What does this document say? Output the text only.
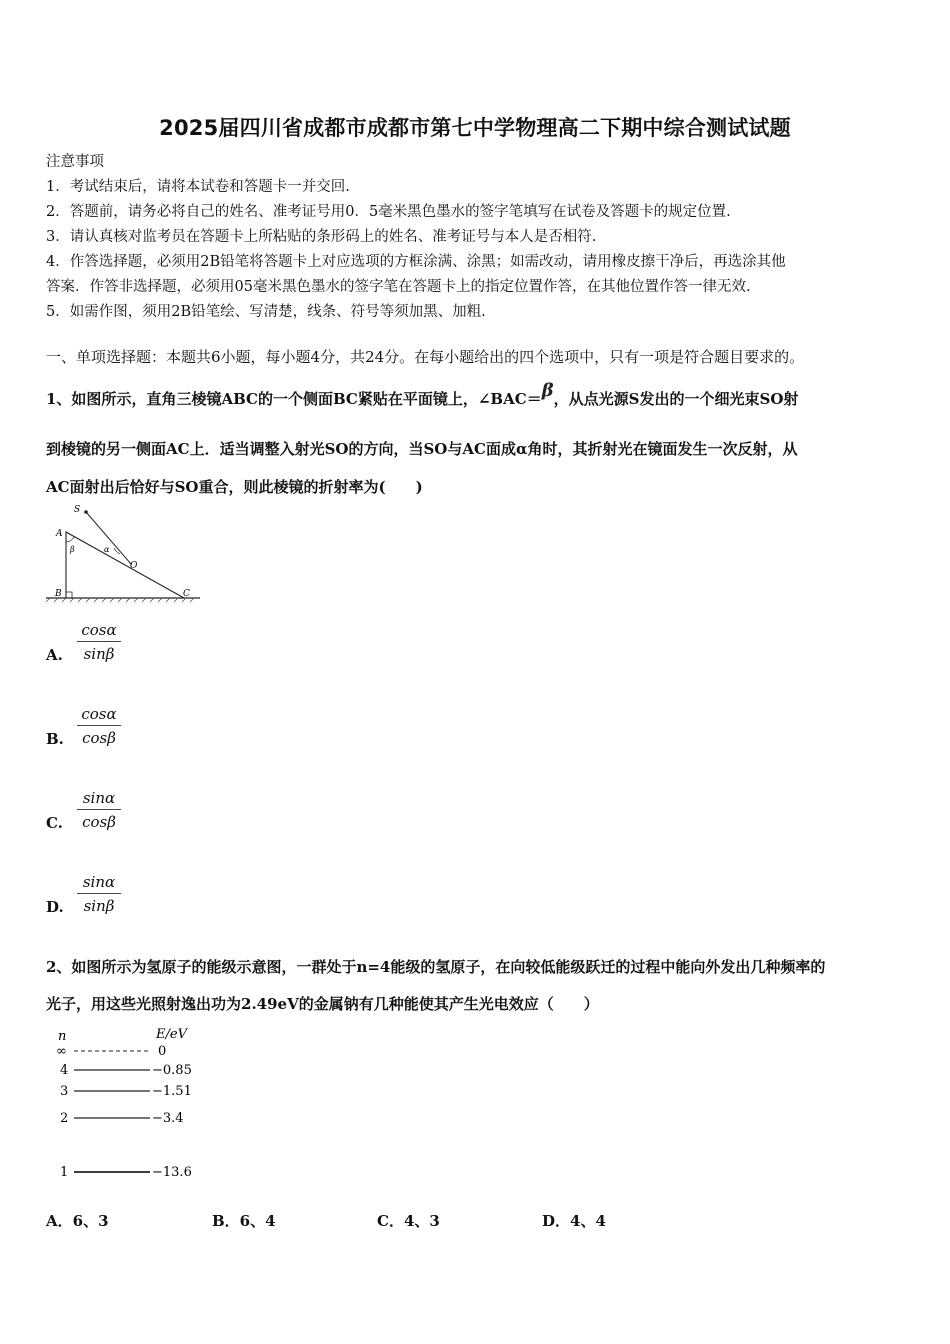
2025届四川省成都市成都市第七中学物理高二下期中综合测试试题
注意事项
1．考试结束后，请将本试卷和答题卡一并交回.
2．答题前，请务必将自己的姓名、准考证号用0．5毫米黑色墨水的签字笔填写在试卷及答题卡的规定位置.
3．请认真核对监考员在答题卡上所粘贴的条形码上的姓名、准考证号与本人是否相符.
4．作答选择题，必须用2B铅笔将答题卡上对应选项的方框涂满、涂黑；如需改动，请用橡皮擦干净后，再选涂其他
答案．作答非选择题，必须用05毫米黑色墨水的签字笔在答题卡上的指定位置作答，在其他位置作答一律无效.
5．如需作图，须用2B铅笔绘、写清楚，线条、符号等须加黑、加粗.
一、单项选择题：本题共6小题，每小题4分，共24分。在每小题给出的四个选项中，只有一项是符合题目要求的。
1、如图所示，直角三棱镜ABC的一个侧面BC紧贴在平面镜上，∠BAC＝β，从点光源S发出的一个细光束SO射
到棱镜的另一侧面AC上．适当调整入射光SO的方向，当SO与AC面成α角时，其折射光在镜面发生一次反射，从
AC面射出后恰好与SO重合，则此棱镜的折射率为(　　)
S
A
B	C
O
β	α
$\frac{\cos\alpha}{\sin\beta}$
A.
$\frac{\cos\alpha}{\cos\beta}$
B.
$\frac{\sin\alpha}{\cos\beta}$
C.
$\frac{\sin\alpha}{\sin\beta}$
D.
2、如图所示为氢原子的能级示意图，一群处于n=4能级的氢原子，在向较低能级跃迁的过程中能向外发出几种频率的
光子，用这些光照射逸出功为2.49eV的金属钠有几种能使其产生光电效应（　　）
n	E/eV
∞	0
4	−0.85
3	−1.51
2	−3.4
1	−13.6
A．6、3	B．6、4	C．4、3	D．4、4
